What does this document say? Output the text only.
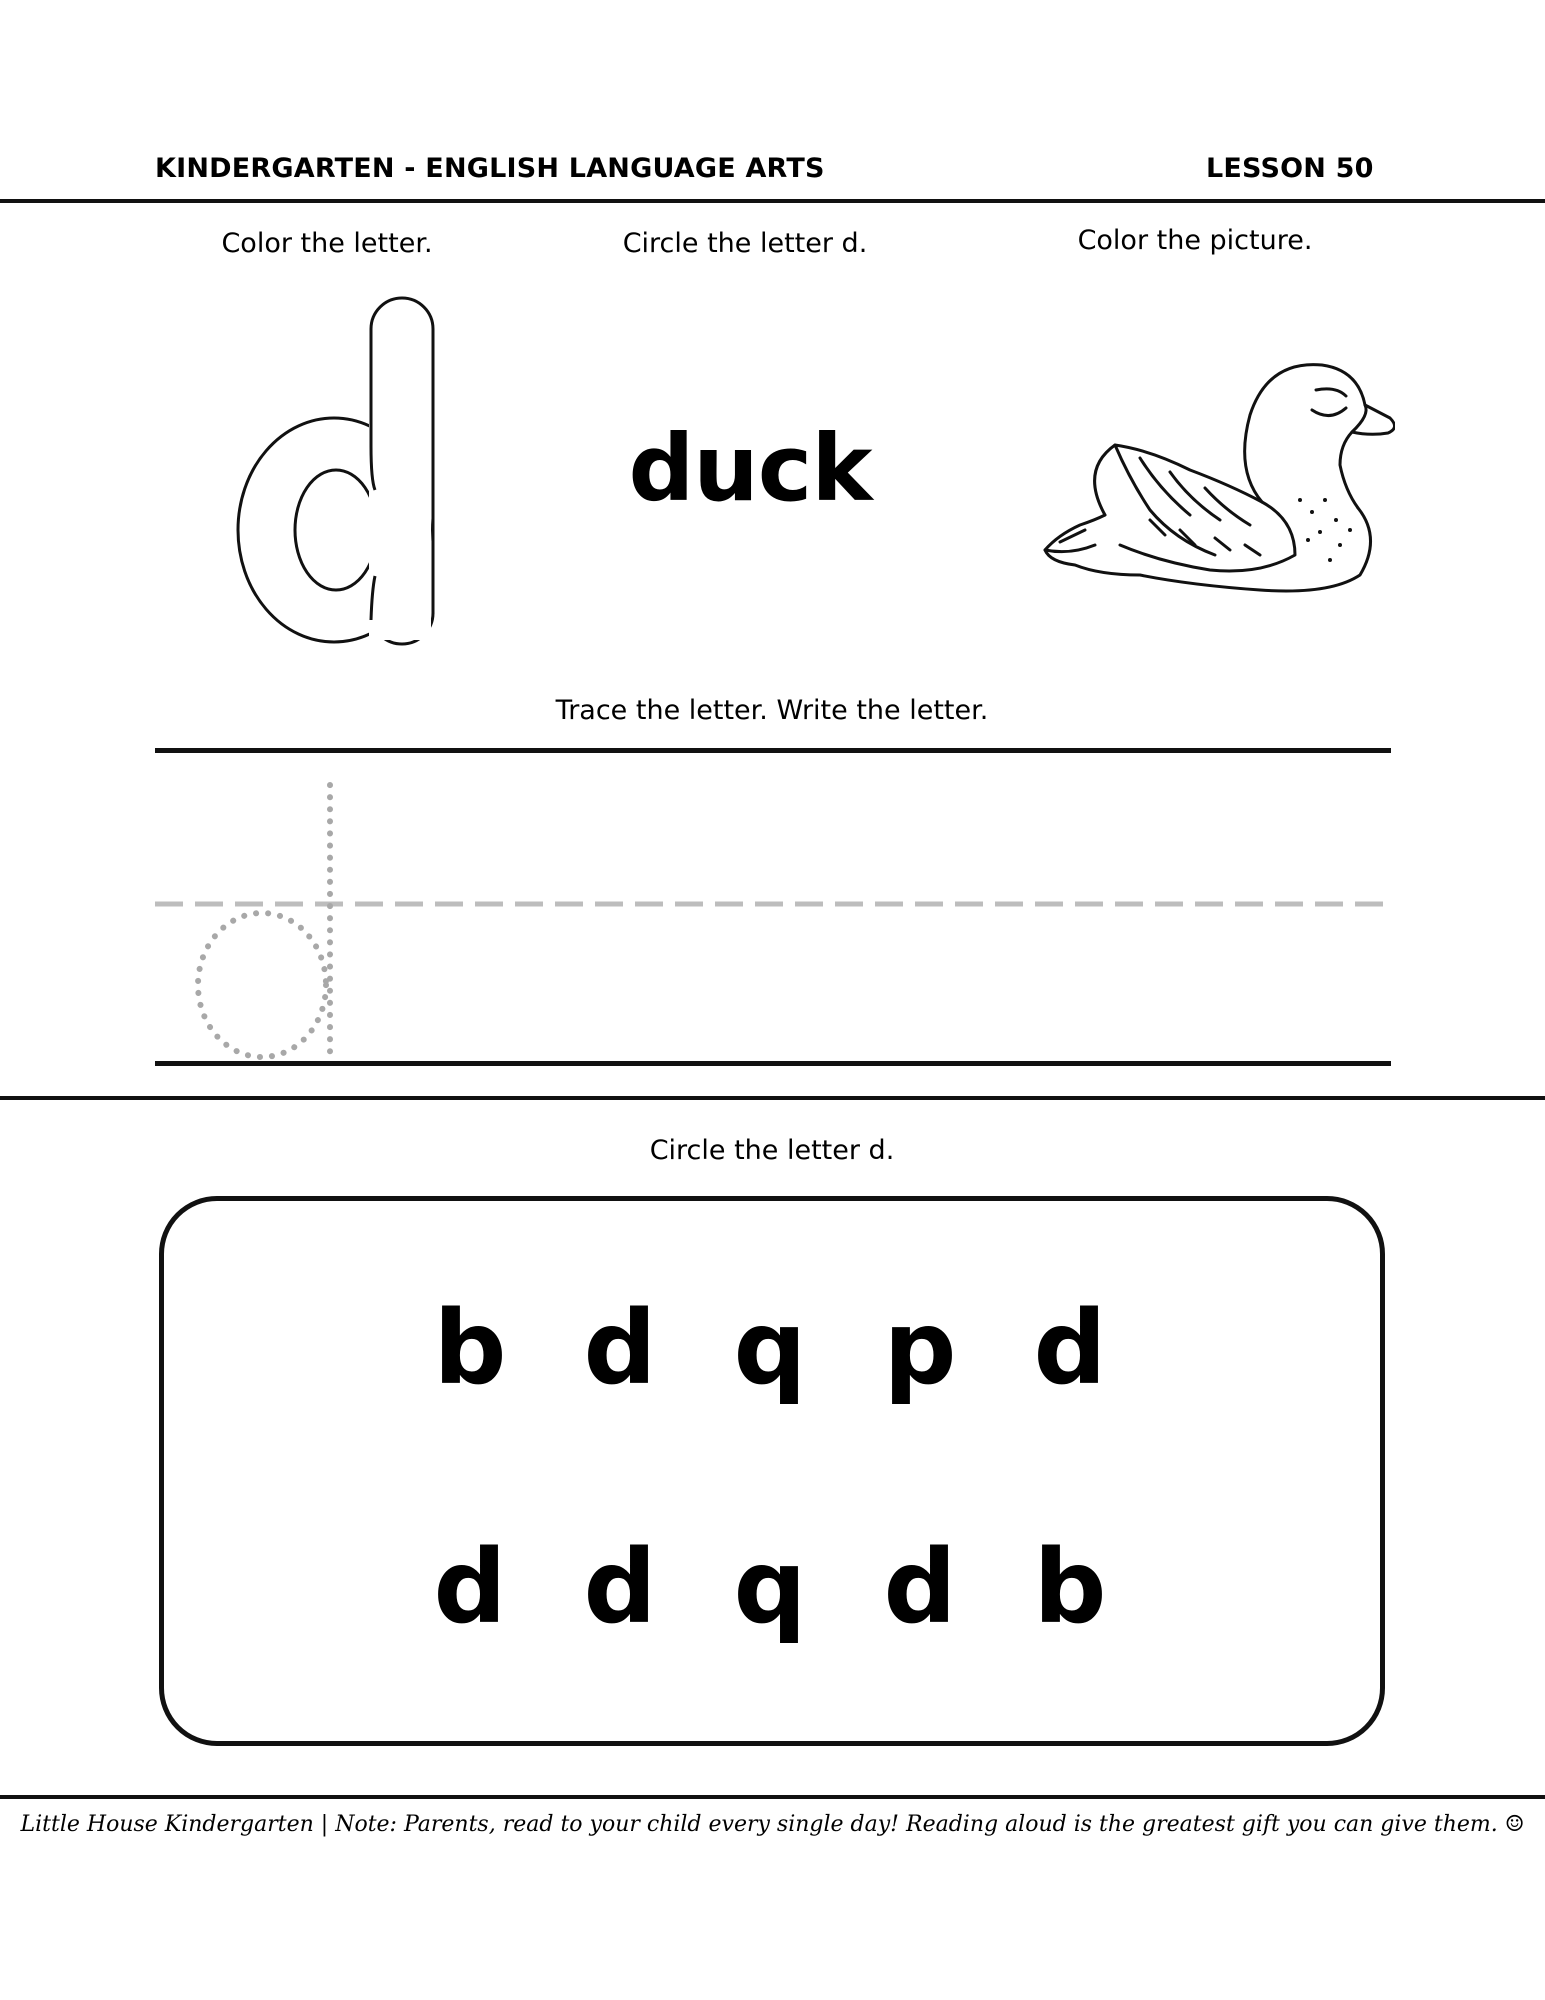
KINDERGARTEN - ENGLISH LANGUAGE ARTS	LESSON 50
Color the letter.	Circle the letter d.	Color the picture.
duck
Trace the letter. Write the letter.
Circle the letter d.
b d q p d
d d q d b
Little House Kindergarten | Note: Parents, read to your child every single day! Reading aloud is the greatest gift you can give them. ☺
